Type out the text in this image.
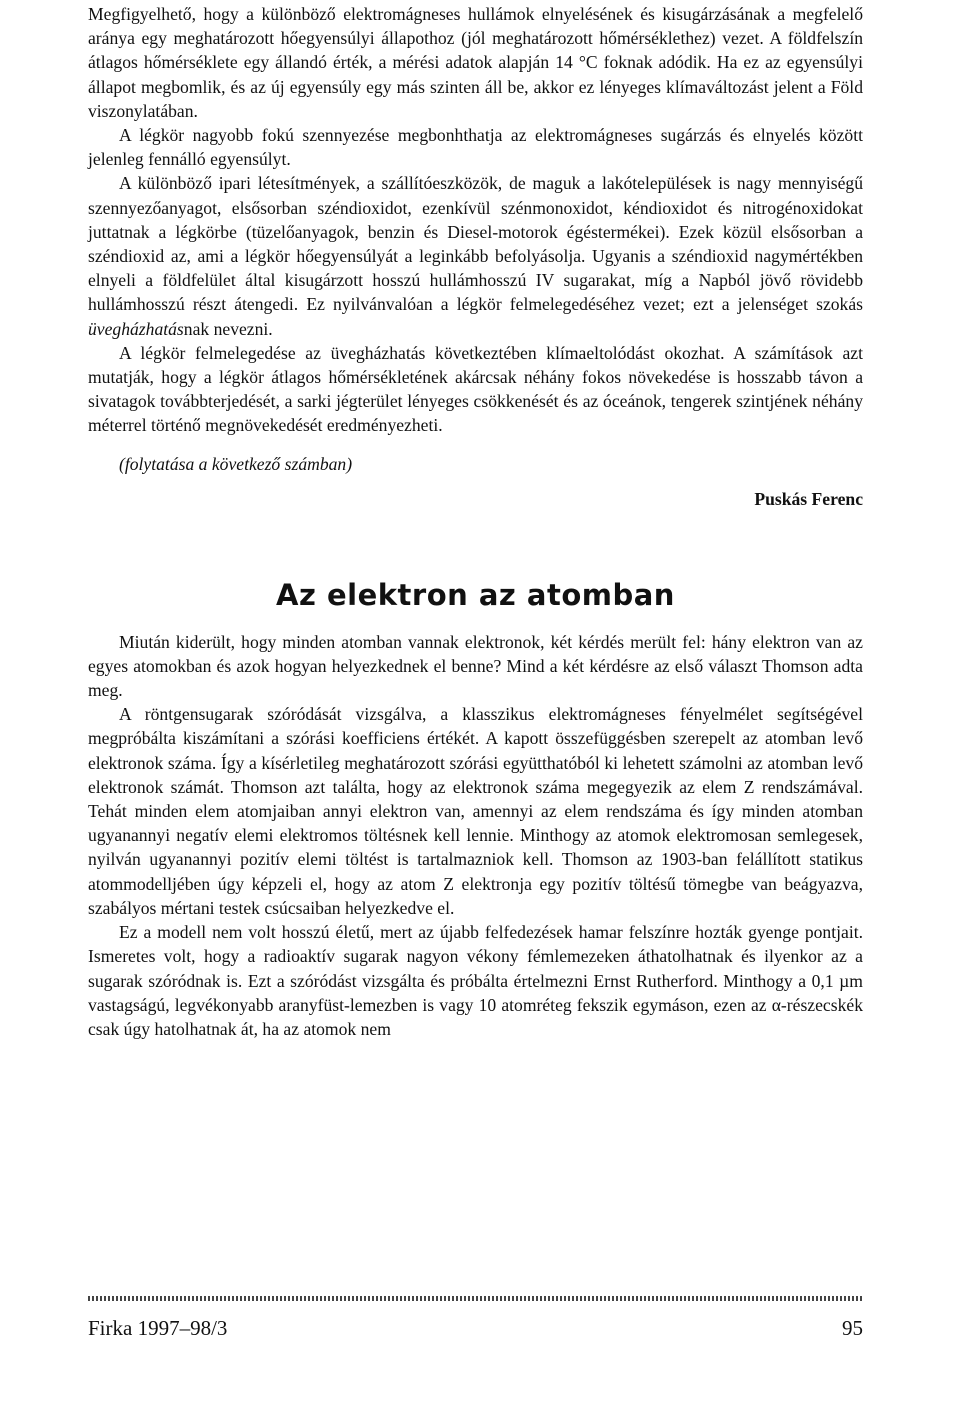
Megfigyelhető, hogy a különböző elektromágneses hullámok elnyelésének és kisugárzásának a megfelelő aránya egy meghatározott hőegyensúlyi állapothoz (jól meghatározott hőmérséklethez) vezet. A földfelszín átlagos hőmérséklete egy állandó érték, a mérési adatok alapján 14 °C foknak adódik. Ha ez az egyensúlyi állapot megbomlik, és az új egyensúly egy más szinten áll be, akkor ez lényeges klímaváltozást jelent a Föld viszonylatában.

A légkör nagyobb fokú szennyezése megbonhthatja az elektromágneses sugárzás és elnyelés között jelenleg fennálló egyensúlyt.

A különböző ipari létesítmények, a szállítóeszközök, de maguk a lakótelepülések is nagy mennyiségű szennyezőanyagot, elsősorban széndioxidot, ezenkívül szénmonoxidot, kéndioxidot és nitrogénoxidokat juttatnak a légkörbe (tüzelőanyagok, benzin és Diesel-motorok égéstermékei). Ezek közül elsősorban a széndioxid az, ami a légkör hőegyensúlyát a leginkább befolyásolja. Ugyanis a széndioxid nagymértékben elnyeli a földfelület által kisugárzott hosszú hullámhosszú IV sugarakat, míg a Napból jövő rövidebb hullámhosszú részt átengedi. Ez nyilvánvalóan a légkör felmelegedéséhez vezet; ezt a jelenséget szokás üvegházhatásnak nevezni.

A légkör felmelegedése az üvegházhatás következtében klímaeltolódást okozhat. A számítások azt mutatják, hogy a légkör átlagos hőmérsékletének akárcsak néhány fokos növekedése is hosszabb távon a sivatagok továbbterjedését, a sarki jégterület lényeges csökkenését és az óceánok, tengerek szintjének néhány méterrel történő megnövekedését eredményezheti.

(folytatása a következő számban)

Puskás Ferenc

Az elektron az atomban

Miután kiderült, hogy minden atomban vannak elektronok, két kérdés merült fel: hány elektron van az egyes atomokban és azok hogyan helyezkednek el benne? Mind a két kérdésre az első választ Thomson adta meg.

A röntgensugarak szóródását vizsgálva, a klasszikus elektromágneses fényelmélet segítségével megpróbálta kiszámítani a szórási koefficiens értékét. A kapott összefüggésben szerepelt az atomban levő elektronok száma. Így a kísérletileg meghatározott szórási együtthatóból ki lehetett számolni az atomban levő elektronok számát. Thomson azt találta, hogy az elektronok száma megegyezik az elem Z rendszámával. Tehát minden elem atomjaiban annyi elektron van, amennyi az elem rendszáma és így minden atomban ugyanannyi negatív elemi elektromos töltésnek kell lennie. Minthogy az atomok elektromosan semlegesek, nyilván ugyanannyi pozitív elemi töltést is tartalmazniok kell. Thomson az 1903-ban felállított statikus atommodelljében úgy képzeli el, hogy az atom Z elektronja egy pozitív töltésű tömegbe van beágyazva, szabályos mértani testek csúcsaiban helyezkedve el.

Ez a modell nem volt hosszú életű, mert az újabb felfedezések hamar felszínre hozták gyenge pontjait. Ismeretes volt, hogy a radioaktív sugarak nagyon vékony fémlemezeken áthatolhatnak és ilyenkor az a sugarak szóródnak is. Ezt a szóródást vizsgálta és próbálta értelmezni Ernst Rutherford. Minthogy a 0,1 µm vastagságú, legvékonyabb aranyfüst-lemezben is vagy 10 atomréteg fekszik egymáson, ezen az α-részecskék csak úgy hatolhatnak át, ha az atomok nem

Firka 1997–98/3	95
